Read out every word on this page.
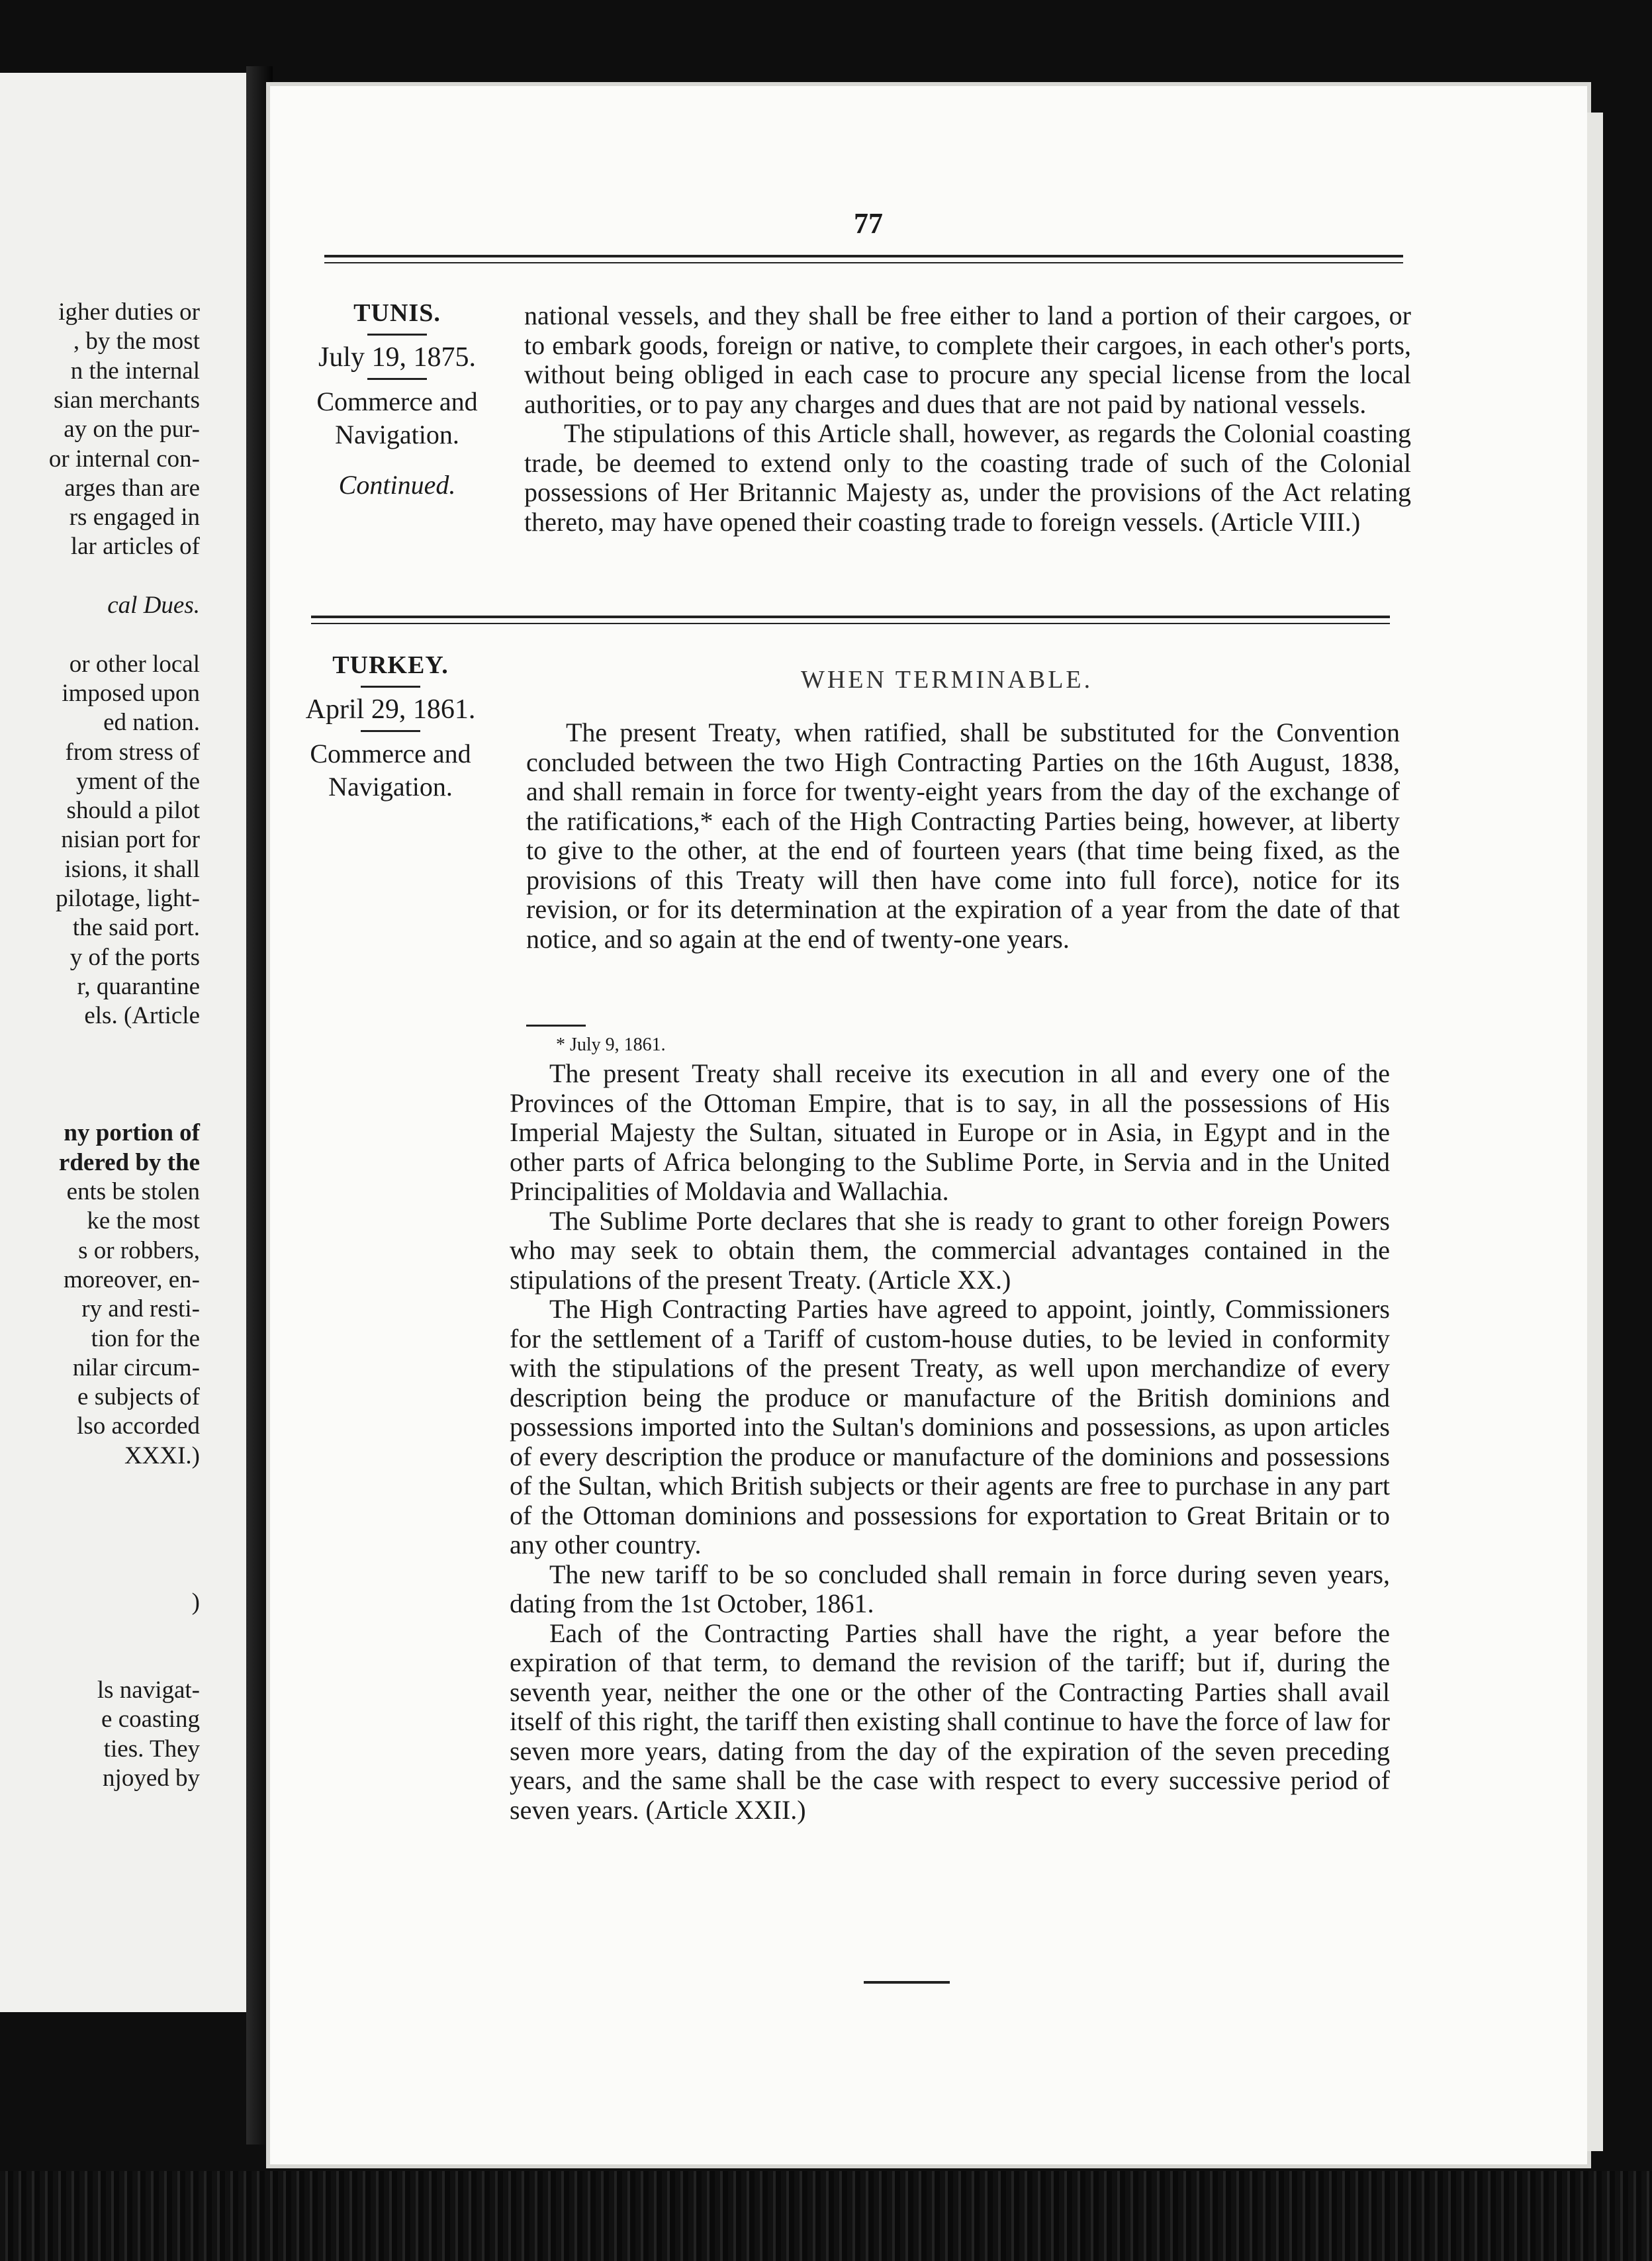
igher duties or
, by the most
n the internal
sian merchants
ay on the pur-
or internal con-
arges than are
rs engaged in
lar articles of
cal Dues.
or other local
imposed upon
ed nation.
from stress of
yment of the
should a pilot
nisian port for
isions, it shall
pilotage, light-
the said port.
y of the ports
r, quarantine
els. (Article
ny portion of
rdered by the
ents be stolen
ke the most
s or robbers,
moreover, en-
ry and resti-
tion for the
nilar circum-
e subjects of
lso accorded
XXXI.)
)
ls navigat-
e coasting
ties. They
njoyed by
77
TUNIS.
July 19, 1875.
Commerce and
Navigation.
Continued.

national vessels, and they shall be free either to land a portion of their cargoes, or to embark goods, foreign or native, to complete their cargoes, in each other's ports, without being obliged in each case to procure any special license from the local authorities, or to pay any charges and dues that are not paid by national vessels.

The stipulations of this Article shall, however, as regards the Colonial coasting trade, be deemed to extend only to the coasting trade of such of the Colonial possessions of Her Britannic Majesty as, under the provisions of the Act relating thereto, may have opened their coasting trade to foreign vessels. (Article VIII.)

TURKEY.
April 29, 1861.
Commerce and
Navigation.
WHEN TERMINABLE.

The present Treaty, when ratified, shall be substituted for the Convention concluded between the two High Contracting Parties on the 16th August, 1838, and shall remain in force for twenty-eight years from the day of the exchange of the ratifications,* each of the High Contracting Parties being, however, at liberty to give to the other, at the end of fourteen years (that time being fixed, as the provisions of this Treaty will then have come into full force), notice for its revision, or for its determination at the expiration of a year from the date of that notice, and so again at the end of twenty-one years.

* July 9, 1861.

The present Treaty shall receive its execution in all and every one of the Provinces of the Ottoman Empire, that is to say, in all the possessions of His Imperial Majesty the Sultan, situated in Europe or in Asia, in Egypt and in the other parts of Africa belonging to the Sublime Porte, in Servia and in the United Principalities of Moldavia and Wallachia.

The Sublime Porte declares that she is ready to grant to other foreign Powers who may seek to obtain them, the commercial advantages contained in the stipulations of the present Treaty. (Article XX.)

The High Contracting Parties have agreed to appoint, jointly, Commissioners for the settlement of a Tariff of custom-house duties, to be levied in conformity with the stipulations of the present Treaty, as well upon merchandize of every description being the produce or manufacture of the British dominions and possessions imported into the Sultan's dominions and possessions, as upon articles of every description the produce or manufacture of the dominions and possessions of the Sultan, which British subjects or their agents are free to purchase in any part of the Ottoman dominions and possessions for exportation to Great Britain or to any other country.

The new tariff to be so concluded shall remain in force during seven years, dating from the 1st October, 1861.

Each of the Contracting Parties shall have the right, a year before the expiration of that term, to demand the revision of the tariff; but if, during the seventh year, neither the one or the other of the Contracting Parties shall avail itself of this right, the tariff then existing shall continue to have the force of law for seven more years, dating from the day of the expiration of the seven preceding years, and the same shall be the case with respect to every successive period of seven years. (Article XXII.)
